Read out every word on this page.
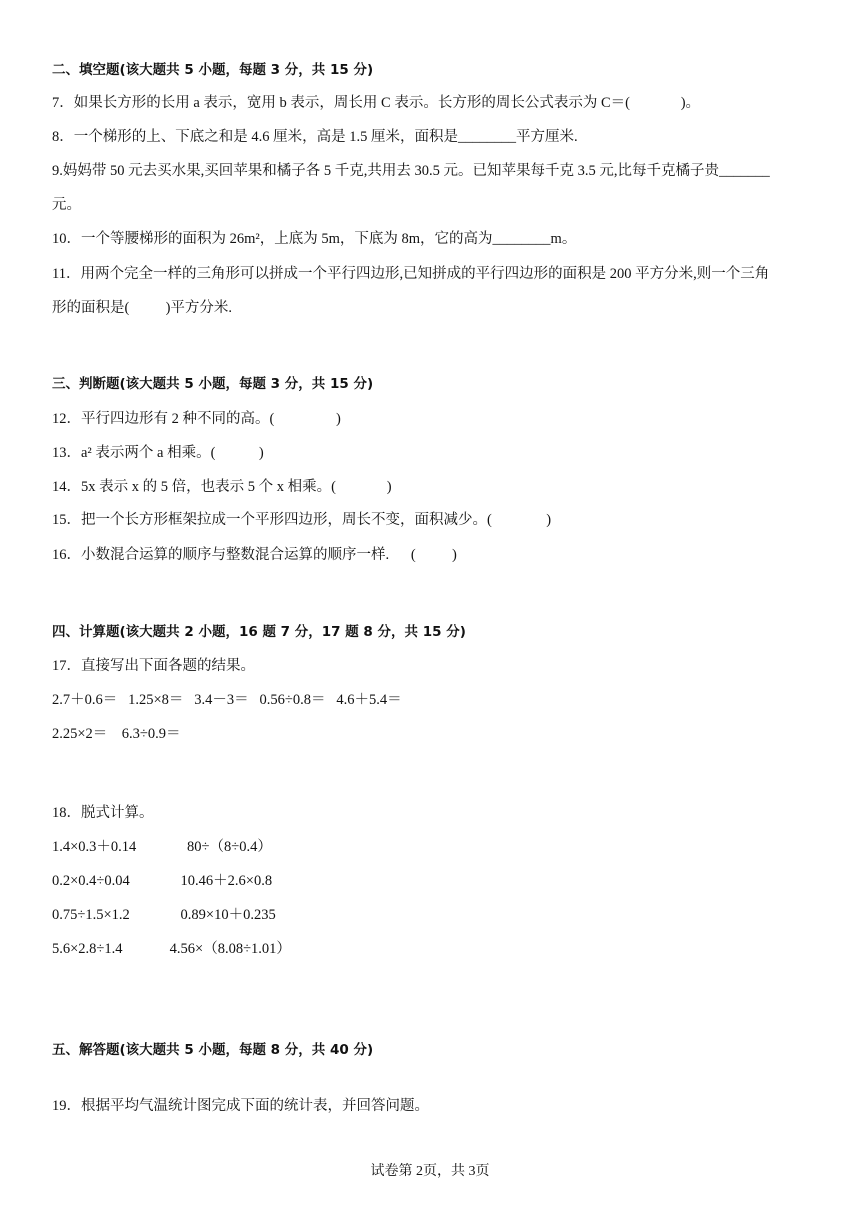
二、填空题(该大题共 5 小题，每题 3 分，共 15 分)
7．如果长方形的长用 a 表示，宽用 b 表示，周长用 C 表示。长方形的周长公式表示为 C＝(              )。
8．一个梯形的上、下底之和是 4.6 厘米，高是 1.5 厘米，面积是________平方厘米.
9.妈妈带 50 元去买水果,买回苹果和橘子各 5 千克,共用去 30.5 元。已知苹果每千克 3.5 元,比每千克橘子贵_______
元。
10．一个等腰梯形的面积为 26m²，上底为 5m，下底为 8m，它的高为________m。
11．用两个完全一样的三角形可以拼成一个平行四边形,已知拼成的平行四边形的面积是 200 平方分米,则一个三角
形的面积是(          )平方分米.
三、判断题(该大题共 5 小题，每题 3 分，共 15 分)
12．平行四边形有 2 种不同的高。(                 )
13．a² 表示两个 a 相乘。(            )
14．5x 表示 x 的 5 倍，也表示 5 个 x 相乘。(              )
15．把一个长方形框架拉成一个平形四边形，周长不变，面积减少。(               )
16．小数混合运算的顺序与整数混合运算的顺序一样.      (          )
四、计算题(该大题共 2 小题，16 题 7 分，17 题 8 分，共 15 分)
17．直接写出下面各题的结果。
2.7＋0.6＝   1.25×8＝   3.4－3＝   0.56÷0.8＝   4.6＋5.4＝
2.25×2＝    6.3÷0.9＝
18．脱式计算。
1.4×0.3＋0.14              80÷（8÷0.4）
0.2×0.4÷0.04              10.46＋2.6×0.8
0.75÷1.5×1.2              0.89×10＋0.235
5.6×2.8÷1.4             4.56×（8.08÷1.01）
五、解答题(该大题共 5 小题，每题 8 分，共 40 分)
19．根据平均气温统计图完成下面的统计表，并回答问题。
试卷第 2页，共 3页
